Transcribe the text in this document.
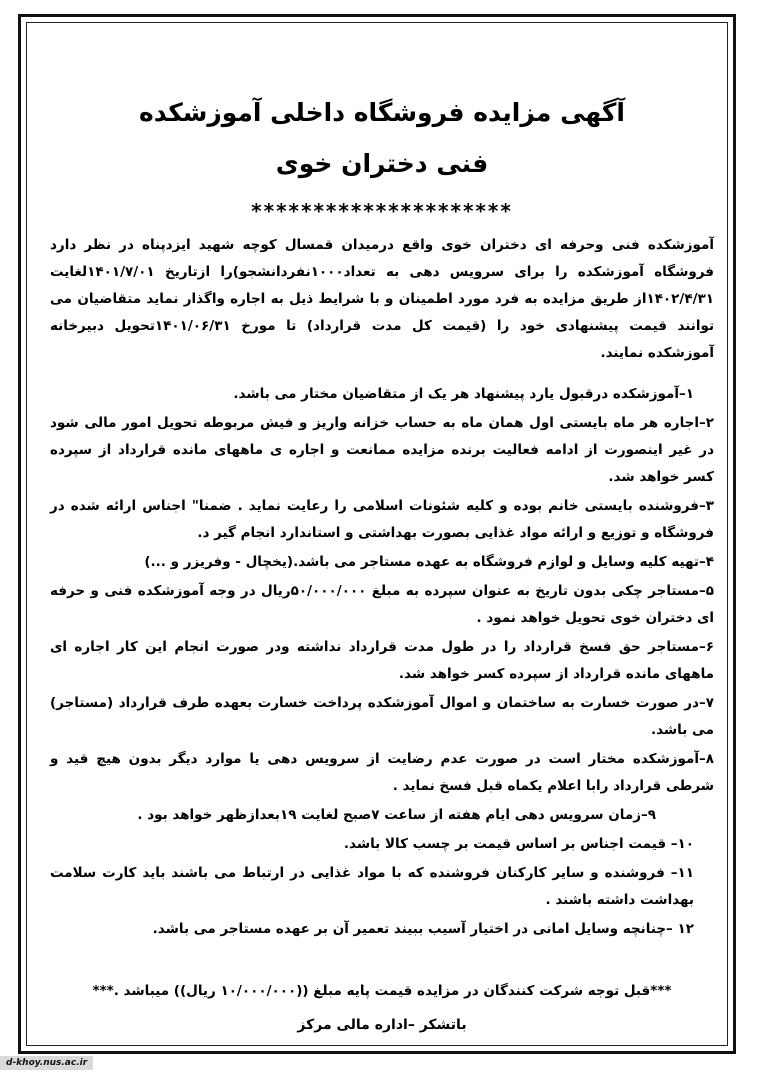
آگهی مزایده فروشگاه داخلی آموزشکده
فنی دختران خوی
*********************

آموزشکده فنی وحرفه ای دختران خوی واقع درمیدان قمسال کوچه شهید ایزدپناه در نظر دارد فروشگاه آموزشکده را برای سرویس دهی به تعداد۱۰۰۰نفردانشجو)را ازتاریخ ۱۴۰۱/۷/۰۱لغایت ۱۴۰۲/۴/۳۱از طریق مزایده به فرد مورد اطمینان و با شرایط ذیل به اجاره واگذار نماید متقاضیان می توانند قیمت پیشنهادی خود را (قیمت کل مدت قرارداد) تا مورخ ۱۴۰۱/۰۶/۳۱تحویل دبیرخانه آموزشکده نمایند.

۱–آموزشکده درقبول یارد پیشنهاد هر یک از متقاضیان مختار می باشد.

۲–اجاره هر ماه بایستی اول همان ماه به حساب خزانه واریز و فیش مربوطه تحویل امور مالی شود در غیر اینصورت از ادامه فعالیت برنده مزایده ممانعت و اجاره ی ماههای مانده قرارداد از سپرده کسر خواهد شد.

۳–فروشنده بایستی خانم بوده و کلیه شئونات اسلامی را رعایت نماید . ضمنا" اجناس ارائه شده در فروشگاه و توزیع و ارائه مواد غذایی بصورت بهداشتی و استاندارد انجام گیر د.

۴–تهیه کلیه وسایل و لوازم فروشگاه به عهده مستاجر می باشد.(یخچال - وفریزر و ...)

۵–مستاجر چکی بدون تاریخ به عنوان سپرده به مبلغ ۵۰/۰۰۰/۰۰۰ریال در وجه آموزشکده فنی و حرفه ای دختران خوی تحویل خواهد نمود .

۶–مستاجر حق فسخ قرارداد را در طول مدت قرارداد نداشته ودر صورت انجام این کار اجاره ای ماههای مانده قرارداد از سپرده کسر خواهد شد.

۷–در صورت خسارت به ساختمان و اموال آموزشکده پرداخت خسارت بعهده طرف قرارداد (مستاجر) می باشد.

۸–آموزشکده مختار است در صورت عدم رضایت از سرویس دهی یا موارد دیگر بدون هیچ قید و شرطی قرارداد رابا اعلام یکماه قبل فسخ نماید .

۹–زمان سرویس دهی ایام هفته از ساعت ۷صبح لغایت ۱۹بعدازظهر خواهد بود .

۱۰– قیمت اجناس بر اساس قیمت بر چسب کالا باشد.

۱۱– فروشنده و سایر کارکنان فروشنده که با مواد غذایی در ارتباط می باشند باید کارت سلامت بهداشت داشته باشند .

۱۲ –چنانچه وسایل امانی در اختیار آسیب ببیند تعمیر آن بر عهده مستاجر می باشد.

***قبل توجه شرکت کنندگان در مزایده قیمت پایه مبلغ ((۱۰/۰۰۰/۰۰۰ ریال)) میباشد .***
باتشکر –اداره مالی مرکز
d-khoy.nus.ac.ir
